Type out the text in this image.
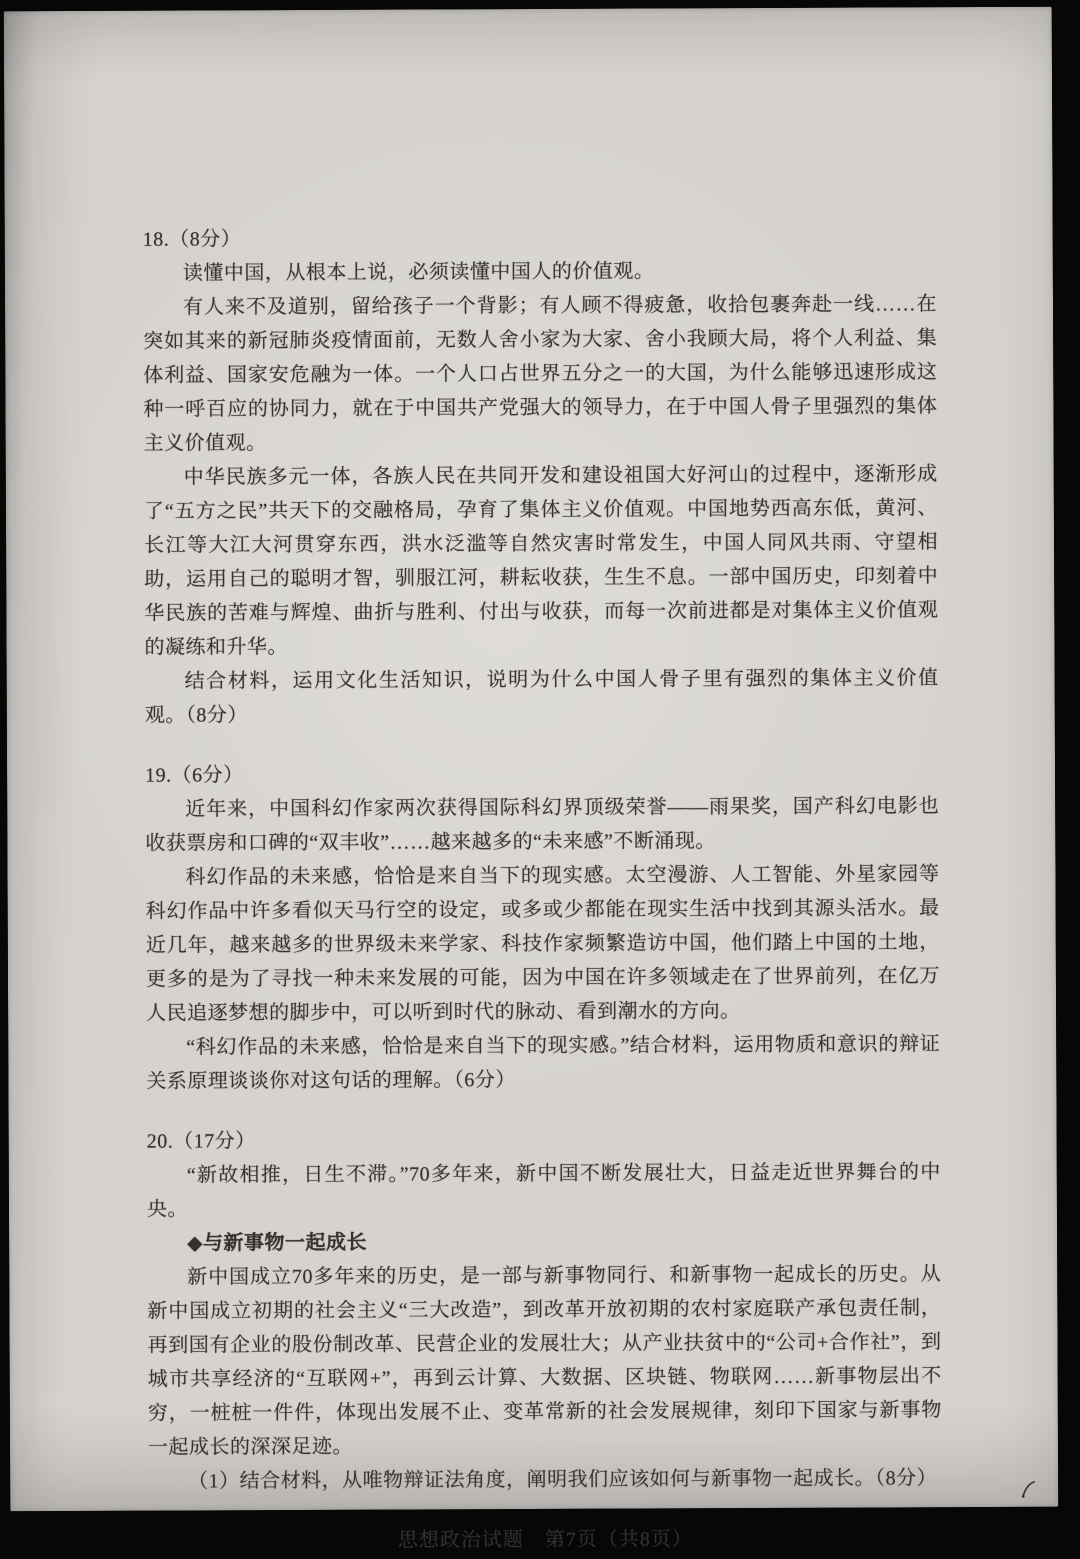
18.（8分）

读懂中国，从根本上说，必须读懂中国人的价值观。

有人来不及道别，留给孩子一个背影；有人顾不得疲惫，收拾包裹奔赴一线……在突如其来的新冠肺炎疫情面前，无数人舍小家为大家、舍小我顾大局，将个人利益、集体利益、国家安危融为一体。一个人口占世界五分之一的大国，为什么能够迅速形成这种一呼百应的协同力，就在于中国共产党强大的领导力，在于中国人骨子里强烈的集体主义价值观。

中华民族多元一体，各族人民在共同开发和建设祖国大好河山的过程中，逐渐形成了“五方之民”共天下的交融格局，孕育了集体主义价值观。中国地势西高东低，黄河、长江等大江大河贯穿东西，洪水泛滥等自然灾害时常发生，中国人同风共雨、守望相助，运用自己的聪明才智，驯服江河，耕耘收获，生生不息。一部中国历史，印刻着中华民族的苦难与辉煌、曲折与胜利、付出与收获，而每一次前进都是对集体主义价值观的凝练和升华。

结合材料，运用文化生活知识，说明为什么中国人骨子里有强烈的集体主义价值观。（8分）

19.（6分）

近年来，中国科幻作家两次获得国际科幻界顶级荣誉——雨果奖，国产科幻电影也收获票房和口碑的“双丰收”……越来越多的“未来感”不断涌现。

科幻作品的未来感，恰恰是来自当下的现实感。太空漫游、人工智能、外星家园等科幻作品中许多看似天马行空的设定，或多或少都能在现实生活中找到其源头活水。最近几年，越来越多的世界级未来学家、科技作家频繁造访中国，他们踏上中国的土地，更多的是为了寻找一种未来发展的可能，因为中国在许多领域走在了世界前列，在亿万人民追逐梦想的脚步中，可以听到时代的脉动、看到潮水的方向。

“科幻作品的未来感，恰恰是来自当下的现实感。”结合材料，运用物质和意识的辩证关系原理谈谈你对这句话的理解。（6分）

20.（17分）

“新故相推，日生不滞。”70多年来，新中国不断发展壮大，日益走近世界舞台的中央。

◆与新事物一起成长

新中国成立70多年来的历史，是一部与新事物同行、和新事物一起成长的历史。从新中国成立初期的社会主义“三大改造”，到改革开放初期的农村家庭联产承包责任制，再到国有企业的股份制改革、民营企业的发展壮大；从产业扶贫中的“公司+合作社”，到城市共享经济的“互联网+”，再到云计算、大数据、区块链、物联网……新事物层出不穷，一桩桩一件件，体现出发展不止、变革常新的社会发展规律，刻印下国家与新事物一起成长的深深足迹。

（1）结合材料，从唯物辩证法角度，阐明我们应该如何与新事物一起成长。（8分）

思想政治试题　第7页（共8页）
